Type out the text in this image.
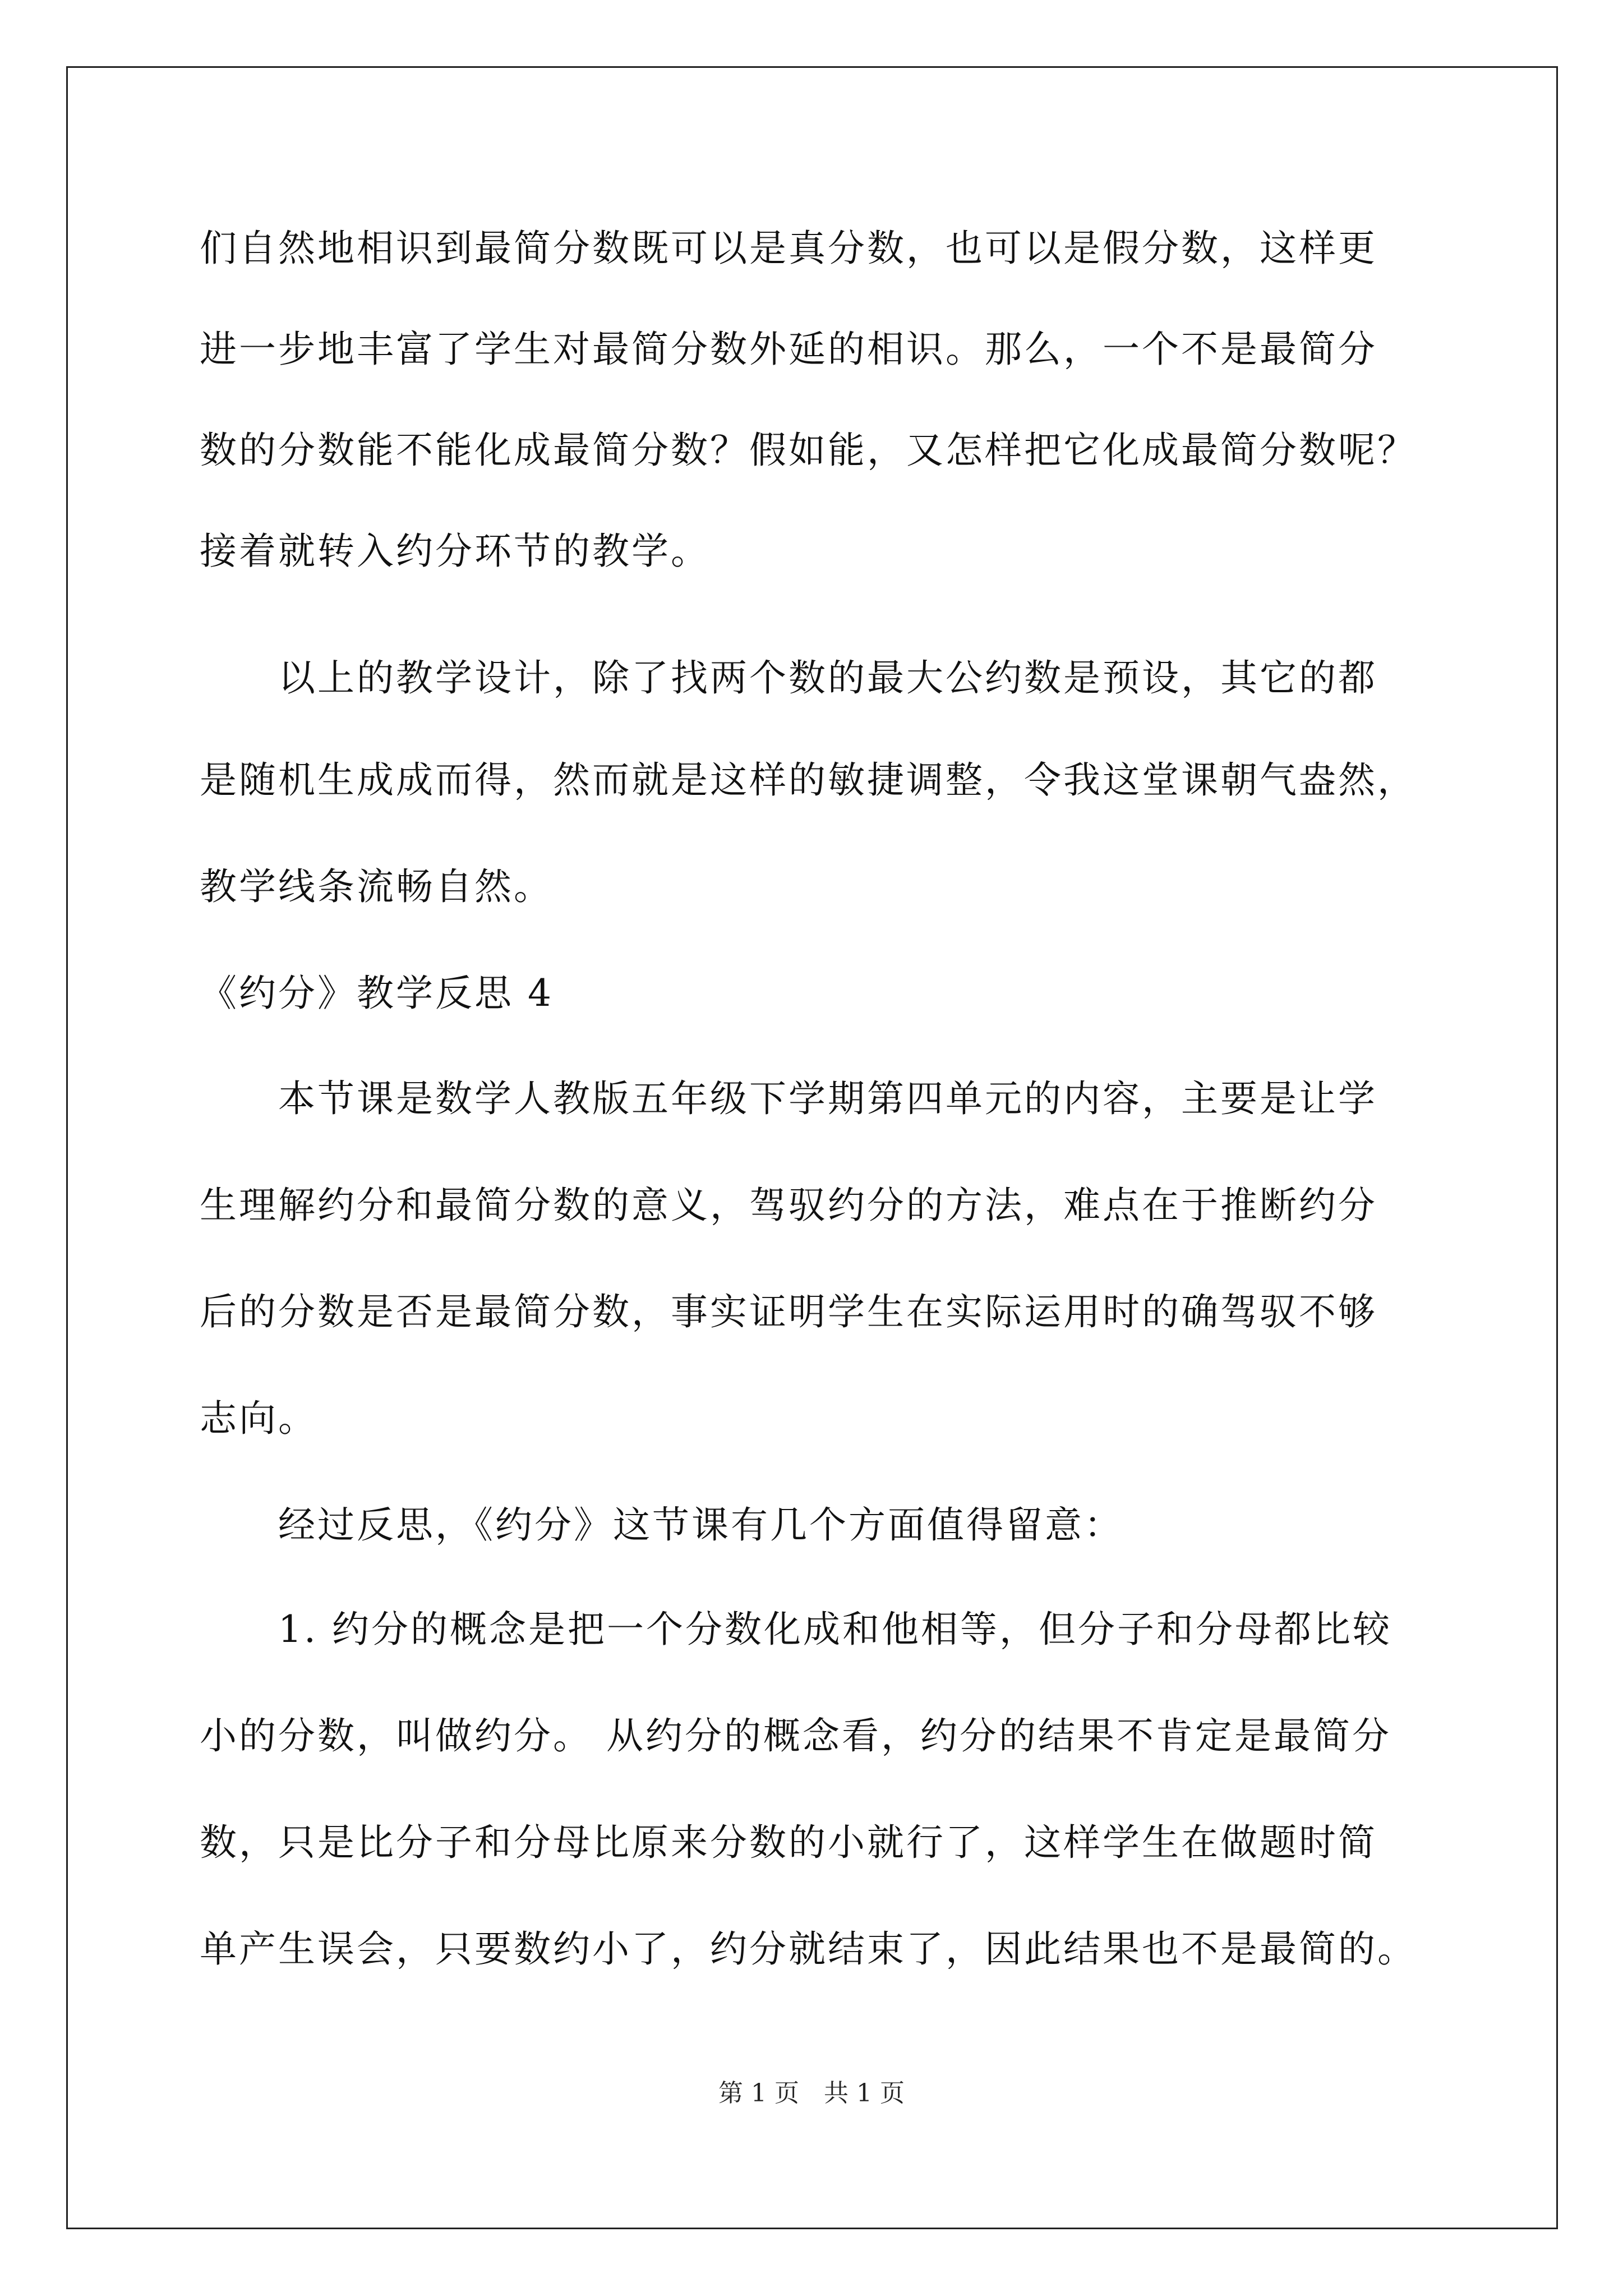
们自然地相识到最简分数既可以是真分数，也可以是假分数，这样更
进一步地丰富了学生对最简分数外延的相识。那么，一个不是最简分
数的分数能不能化成最简分数？假如能，又怎样把它化成最简分数呢？
接着就转入约分环节的教学。
以上的教学设计，除了找两个数的最大公约数是预设，其它的都
是随机生成成而得，然而就是这样的敏捷调整，令我这堂课朝气盎然，
教学线条流畅自然。
《约分》教学反思 4
本节课是数学人教版五年级下学期第四单元的内容，主要是让学
生理解约分和最简分数的意义，驾驭约分的方法，难点在于推断约分
后的分数是否是最简分数，事实证明学生在实际运用时的确驾驭不够
志向。
经过反思，《约分》这节课有几个方面值得留意：
1. 约分的概念是把一个分数化成和他相等，但分子和分母都比较
小的分数，叫做约分。 从约分的概念看，约分的结果不肯定是最简分
数，只是比分子和分母比原来分数的小就行了，这样学生在做题时简
单产生误会，只要数约小了，约分就结束了，因此结果也不是最简的。
第 1 页　共 1 页
